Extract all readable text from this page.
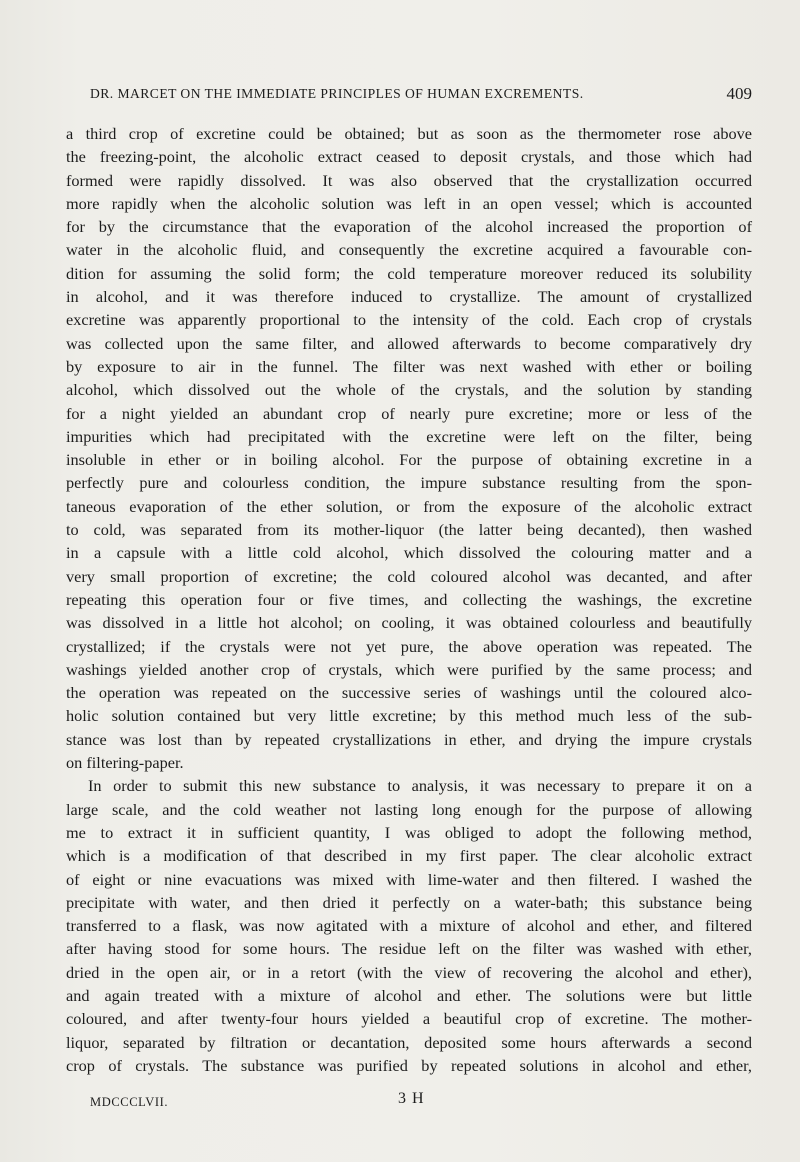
DR. MARCET ON THE IMMEDIATE PRINCIPLES OF HUMAN EXCREMENTS.	409
a third crop of excretine could be obtained; but as soon as the thermometer rose above
the freezing-point, the alcoholic extract ceased to deposit crystals, and those which had
formed were rapidly dissolved. It was also observed that the crystallization occurred
more rapidly when the alcoholic solution was left in an open vessel; which is accounted
for by the circumstance that the evaporation of the alcohol increased the proportion of
water in the alcoholic fluid, and consequently the excretine acquired a favourable con-
dition for assuming the solid form; the cold temperature moreover reduced its solubility
in alcohol, and it was therefore induced to crystallize. The amount of crystallized
excretine was apparently proportional to the intensity of the cold. Each crop of crystals
was collected upon the same filter, and allowed afterwards to become comparatively dry
by exposure to air in the funnel. The filter was next washed with ether or boiling
alcohol, which dissolved out the whole of the crystals, and the solution by standing
for a night yielded an abundant crop of nearly pure excretine; more or less of the
impurities which had precipitated with the excretine were left on the filter, being
insoluble in ether or in boiling alcohol. For the purpose of obtaining excretine in a
perfectly pure and colourless condition, the impure substance resulting from the spon-
taneous evaporation of the ether solution, or from the exposure of the alcoholic extract
to cold, was separated from its mother-liquor (the latter being decanted), then washed
in a capsule with a little cold alcohol, which dissolved the colouring matter and a
very small proportion of excretine; the cold coloured alcohol was decanted, and after
repeating this operation four or five times, and collecting the washings, the excretine
was dissolved in a little hot alcohol; on cooling, it was obtained colourless and beautifully
crystallized; if the crystals were not yet pure, the above operation was repeated. The
washings yielded another crop of crystals, which were purified by the same process; and
the operation was repeated on the successive series of washings until the coloured alco-
holic solution contained but very little excretine; by this method much less of the sub-
stance was lost than by repeated crystallizations in ether, and drying the impure crystals
on filtering-paper.
In order to submit this new substance to analysis, it was necessary to prepare it on a
large scale, and the cold weather not lasting long enough for the purpose of allowing
me to extract it in sufficient quantity, I was obliged to adopt the following method,
which is a modification of that described in my first paper. The clear alcoholic extract
of eight or nine evacuations was mixed with lime-water and then filtered. I washed the
precipitate with water, and then dried it perfectly on a water-bath; this substance being
transferred to a flask, was now agitated with a mixture of alcohol and ether, and filtered
after having stood for some hours. The residue left on the filter was washed with ether,
dried in the open air, or in a retort (with the view of recovering the alcohol and ether),
and again treated with a mixture of alcohol and ether. The solutions were but little
coloured, and after twenty-four hours yielded a beautiful crop of excretine. The mother-
liquor, separated by filtration or decantation, deposited some hours afterwards a second
crop of crystals. The substance was purified by repeated solutions in alcohol and ether,
MDCCCLVII.	3 H
